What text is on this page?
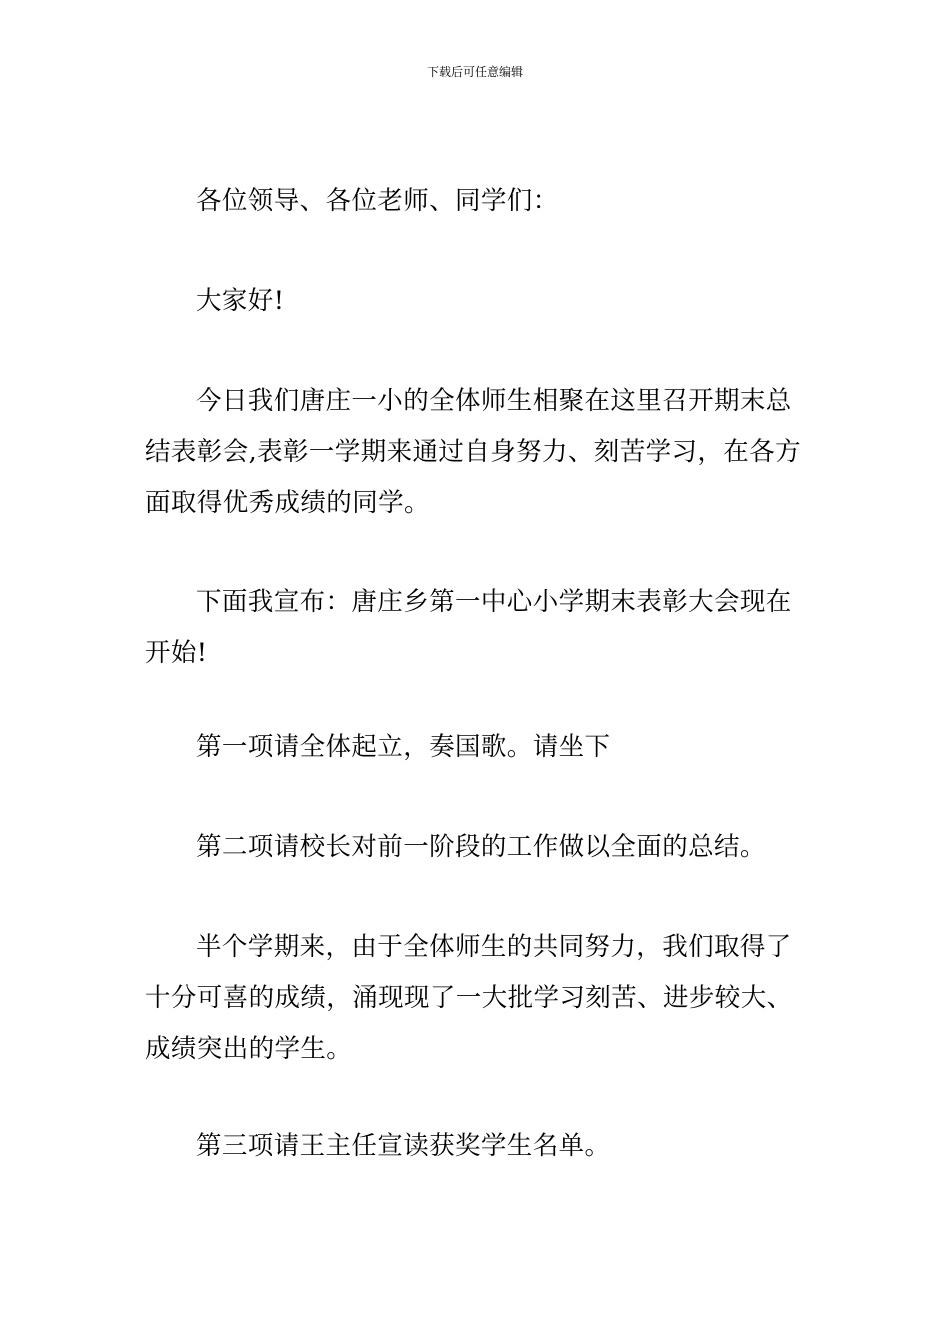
下载后可任意编辑
各位领导、各位老师、同学们：
大家好!
今日我们唐庄一小的全体师生相聚在这里召开期末总
结表彰会,表彰一学期来通过自身努力、刻苦学习，在各方
面取得优秀成绩的同学。
下面我宣布：唐庄乡第一中心小学期末表彰大会现在
开始!
第一项请全体起立，奏国歌。请坐下
第二项请校长对前一阶段的工作做以全面的总结。
半个学期来，由于全体师生的共同努力，我们取得了
十分可喜的成绩，涌现现了一大批学习刻苦、进步较大、
成绩突出的学生。
第三项请王主任宣读获奖学生名单。
